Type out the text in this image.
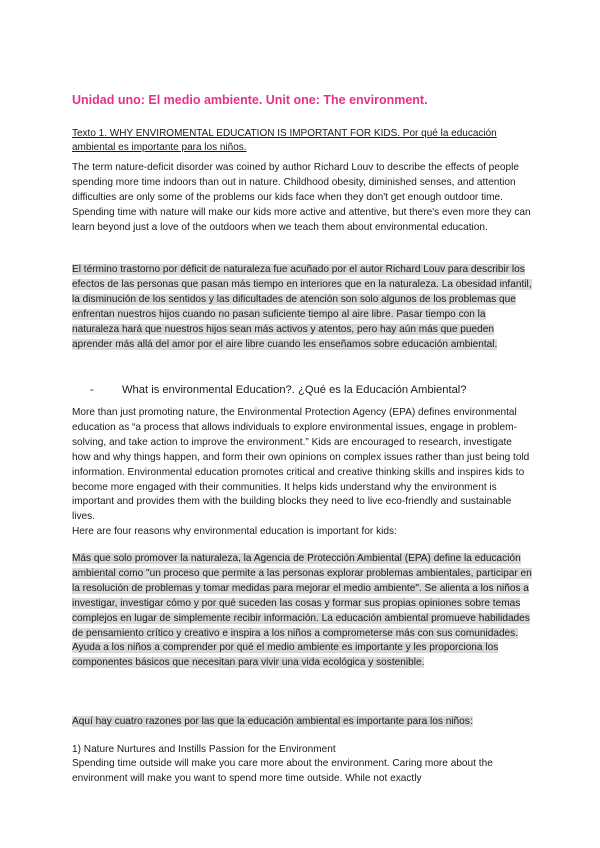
Unidad uno: El medio ambiente. Unit one: The environment.
Texto 1. WHY ENVIROMENTAL EDUCATION IS IMPORTANT FOR KIDS. Por qué la educación ambiental es importante para los niños.

The term nature-deficit disorder was coined by author Richard Louv to describe the effects of people spending more time indoors than out in nature. Childhood obesity, diminished senses, and attention difficulties are only some of the problems our kids face when they don't get enough outdoor time. Spending time with nature will make our kids more active and attentive, but there's even more they can learn beyond just a love of the outdoors when we teach them about environmental education.

El término trastorno por déficit de naturaleza fue acuñado por el autor Richard Louv para describir los efectos de las personas que pasan más tiempo en interiores que en la naturaleza. La obesidad infantil, la disminución de los sentidos y las dificultades de atención son solo algunos de los problemas que enfrentan nuestros hijos cuando no pasan suficiente tiempo al aire libre. Pasar tiempo con la naturaleza hará que nuestros hijos sean más activos y atentos, pero hay aún más que pueden aprender más allá del amor por el aire libre cuando les enseñamos sobre educación ambiental.

-	What is environmental Education?. ¿Qué es la Educación Ambiental?

More than just promoting nature, the Environmental Protection Agency (EPA) defines environmental education as “a process that allows individuals to explore environmental issues, engage in problem-solving, and take action to improve the environment.” Kids are encouraged to research, investigate how and why things happen, and form their own opinions on complex issues rather than just being told information. Environmental education promotes critical and creative thinking skills and inspires kids to become more engaged with their communities. It helps kids understand why the environment is important and provides them with the building blocks they need to live eco-friendly and sustainable lives.

Here are four reasons why environmental education is important for kids:

Más que solo promover la naturaleza, la Agencia de Protección Ambiental (EPA) define la educación ambiental como "un proceso que permite a las personas explorar problemas ambientales, participar en la resolución de problemas y tomar medidas para mejorar el medio ambiente". Se alienta a los niños a investigar, investigar cómo y por qué suceden las cosas y formar sus propias opiniones sobre temas complejos en lugar de simplemente recibir información. La educación ambiental promueve habilidades de pensamiento crítico y creativo e inspira a los niños a comprometerse más con sus comunidades. Ayuda a los niños a comprender por qué el medio ambiente es importante y les proporciona los componentes básicos que necesitan para vivir una vida ecológica y sostenible.

Aquí hay cuatro razones por las que la educación ambiental es importante para los niños:

1) Nature Nurtures and Instills Passion for the Environment

Spending time outside will make you care more about the environment. Caring more about the environment will make you want to spend more time outside. While not exactly
